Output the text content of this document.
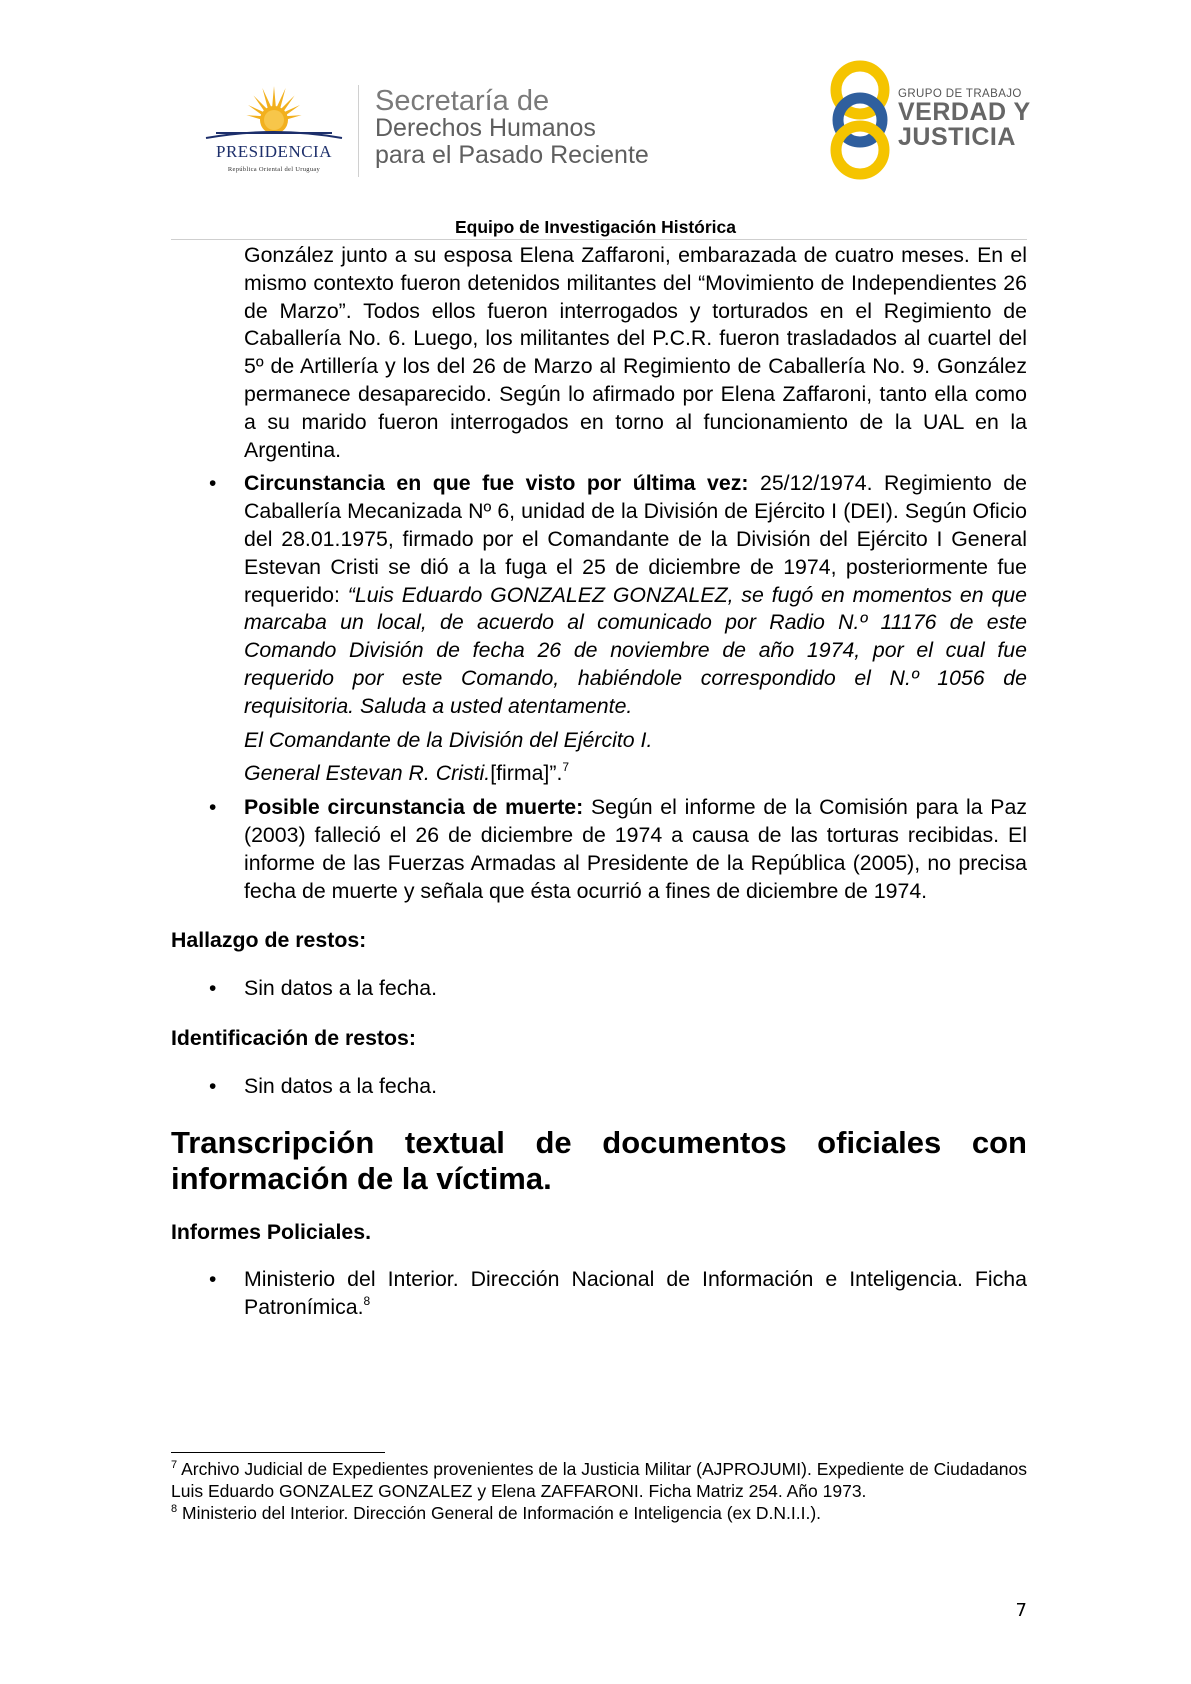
PRESIDENCIA
República Oriental del Uruguay
Secretaría de
Derechos Humanos
para el Pasado Reciente
GRUPO DE TRABAJO
VERDAD Y
JUSTICIA
Equipo de Investigación Histórica

González junto a su esposa Elena Zaffaroni, embarazada de cuatro meses. En el mismo contexto fueron detenidos militantes del “Movimiento de Independientes 26 de Marzo”. Todos ellos fueron interrogados y torturados en el Regimiento de Caballería No. 6. Luego, los militantes del P.C.R. fueron trasladados al cuartel del 5º de Artillería y los del 26 de Marzo al Regimiento de Caballería No. 9. González permanece desaparecido. Según lo afirmado por Elena Zaffaroni, tanto ella como a su marido fueron interrogados en torno al funcionamiento de la UAL en la Argentina.

• Circunstancia en que fue visto por última vez: 25/12/1974. Regimiento de Caballería Mecanizada Nº 6, unidad de la División de Ejército I (DEI). Según Oficio del 28.01.1975, firmado por el Comandante de la División del Ejército I General Estevan Cristi se dió a la fuga el 25 de diciembre de 1974, posteriormente fue requerido: “Luis Eduardo GONZALEZ GONZALEZ, se fugó en momentos en que marcaba un local, de acuerdo al comunicado por Radio N.º 11176 de este Comando División de fecha 26 de noviembre de año 1974, por el cual fue requerido por este Comando, habiéndole correspondido el N.º 1056 de requisitoria. Saluda a usted atentamente.

El Comandante de la División del Ejército I.

General Estevan R. Cristi.[firma]”.$^7$

• Posible circunstancia de muerte: Según el informe de la Comisión para la Paz (2003) falleció el 26 de diciembre de 1974 a causa de las torturas recibidas. El informe de las Fuerzas Armadas al Presidente de la República (2005), no precisa fecha de muerte y señala que ésta ocurrió a fines de diciembre de 1974.

Hallazgo de restos:

• Sin datos a la fecha.

Identificación de restos:

• Sin datos a la fecha.

Transcripción textual de documentos oficiales con información de la víctima.

Informes Policiales.

• Ministerio del Interior. Dirección Nacional de Información e Inteligencia. Ficha Patronímica.$^8$
$^7$ Archivo Judicial de Expedientes provenientes de la Justicia Militar (AJPROJUMI). Expediente de Ciudadanos Luis Eduardo GONZALEZ GONZALEZ y Elena ZAFFARONI. Ficha Matriz 254. Año 1973.
$^8$ Ministerio del Interior. Dirección General de Información e Inteligencia (ex D.N.I.I.).
7
